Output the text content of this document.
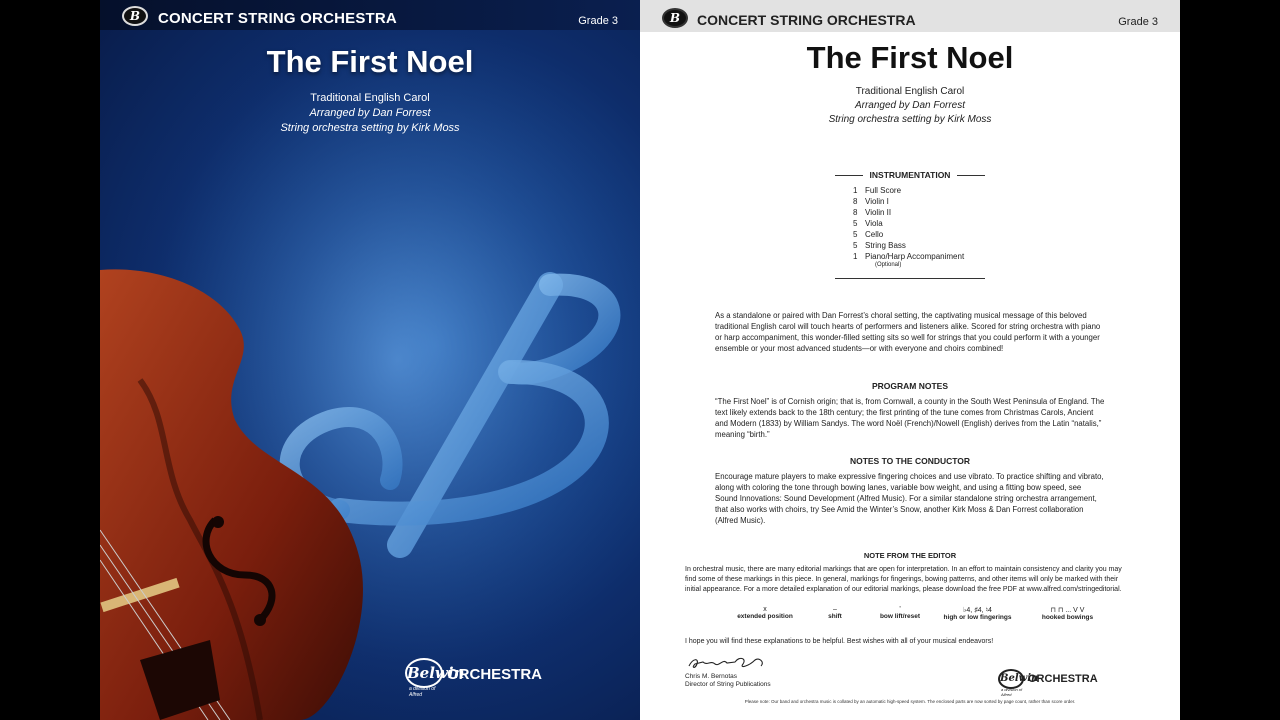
B	CONCERT STRING ORCHESTRA	Grade 3
The First Noel
Traditional English Carol
Arranged by Dan Forrest
String orchestra setting by Kirk Moss
Belwin
ORCHESTRA
a division of Alfred
B	CONCERT STRING ORCHESTRA	Grade 3
The First Noel
Traditional English Carol
Arranged by Dan Forrest
String orchestra setting by Kirk Moss
INSTRUMENTATION
1 Full Score
8 Violin I
8 Violin II
5 Viola
5 Cello
5 String Bass
1 Piano/Harp Accompaniment
(Optional)
As a standalone or paired with Dan Forrest’s choral setting, the captivating musical message of this beloved traditional English carol will touch hearts of performers and listeners alike. Scored for string orchestra with piano or harp accompaniment, this wonder-filled setting sits so well for strings that you could perform it with a younger ensemble or your most advanced students—or with everyone and choirs combined!
PROGRAM NOTES
“The First Noel” is of Cornish origin; that is, from Cornwall, a county in the South West Peninsula of England. The text likely extends back to the 18th century; the first printing of the tune comes from Christmas Carols, Ancient and Modern (1833) by William Sandys. The word Noël (French)/Nowell (English) derives from the Latin “natalis,” meaning “birth.”
NOTES TO THE CONDUCTOR
Encourage mature players to make expressive fingering choices and use vibrato. To practice shifting and vibrato, along with coloring the tone through bowing lanes, variable bow weight, and using a fitting bow speed, see Sound Innovations: Sound Development (Alfred Music). For a similar standalone string orchestra arrangement, that also works with choirs, try See Amid the Winter’s Snow, another Kirk Moss & Dan Forrest collaboration (Alfred Music).
NOTE FROM THE EDITOR
In orchestral music, there are many editorial markings that are open for interpretation. In an effort to maintain consistency and clarity you may find some of these markings in this piece. In general, markings for fingerings, bowing patterns, and other items will only be marked with their initial appearance. For a more detailed explanation of our editorial markings, please download the free PDF at www.alfred.com/stringeditorial.
x
extended position
–
shift
’
bow lift/reset
♭4, ♯4, ♮4
high or low fingerings
⊓ ⊓ ... V V
hooked bowings
I hope you will find these explanations to be helpful. Best wishes with all of your musical endeavors!
Chris M. Bernotas
Director of String Publications
Belwin
ORCHESTRA
a division of Alfred
Please note: Our band and orchestra music is collated by an automatic high-speed system. The enclosed parts are now sorted by page count, rather than score order.
